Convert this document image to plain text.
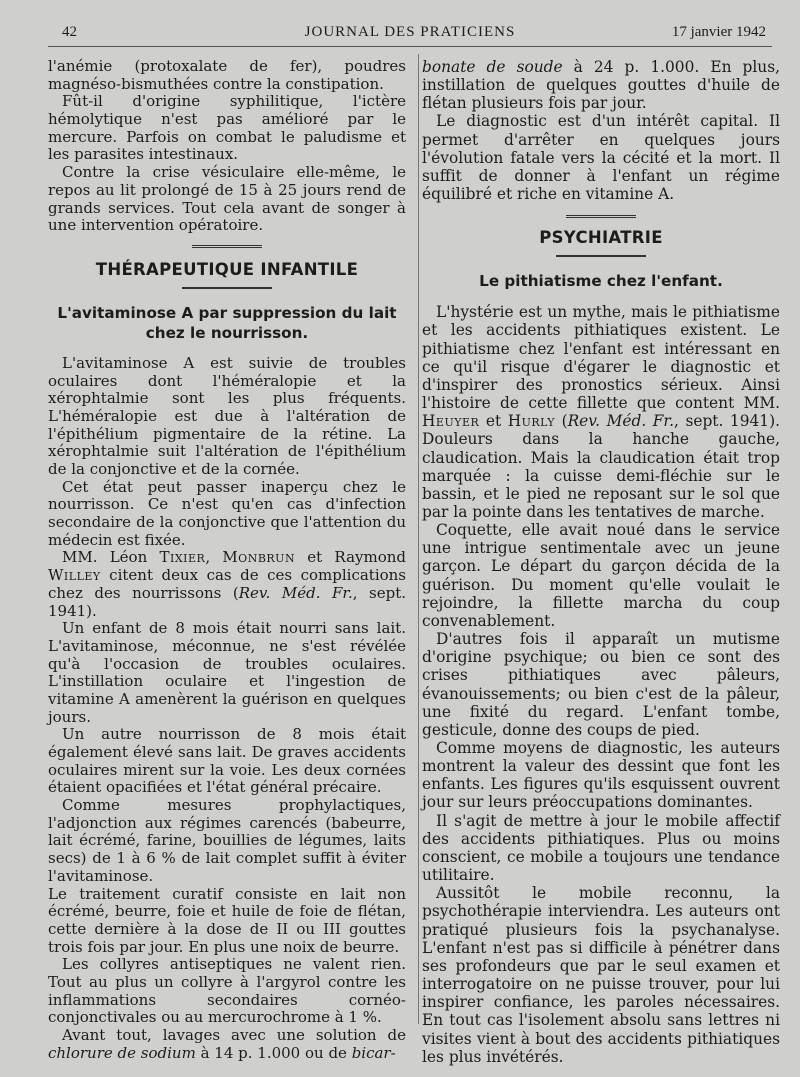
42	JOURNAL DES PRATICIENS	17 janvier 1942

l'anémie (protoxalate de fer), poudres magnéso-bismuthées contre la constipation.

Fût-il d'origine syphilitique, l'ictère hémolytique n'est pas amélioré par le mercure. Parfois on combat le paludisme et les parasites intestinaux.

Contre la crise vésiculaire elle-même, le repos au lit prolongé de 15 à 25 jours rend de grands services. Tout cela avant de songer à une intervention opératoire.

THÉRAPEUTIQUE INFANTILE

L'avitaminose A par suppression du lait chez le nourrisson.

L'avitaminose A est suivie de troubles oculaires dont l'héméralopie et la xérophtalmie sont les plus fréquents. L'héméralopie est due à l'altération de l'épithélium pigmentaire de la rétine. La xérophtalmie suit l'altération de l'épithélium de la conjonctive et de la cornée.

Cet état peut passer inaperçu chez le nourrisson. Ce n'est qu'en cas d'infection secondaire de la conjonctive que l'attention du médecin est fixée.

MM. Léon Tixier, Monbrun et Raymond Willey citent deux cas de ces complications chez des nourrissons (Rev. Méd. Fr., sept. 1941).

Un enfant de 8 mois était nourri sans lait. L'avitaminose, méconnue, ne s'est révélée qu'à l'occasion de troubles oculaires. L'instillation oculaire et l'ingestion de vitamine A amenèrent la guérison en quelques jours.

Un autre nourrisson de 8 mois était également élevé sans lait. De graves accidents oculaires mirent sur la voie. Les deux cornées étaient opacifiées et l'état général précaire.

Comme mesures prophylactiques, l'adjonction aux régimes carencés (babeurre, lait écrémé, farine, bouillies de légumes, laits secs) de 1 à 6 % de lait complet suffit à éviter l'avitaminose.

Le traitement curatif consiste en lait non écrémé, beurre, foie et huile de foie de flétan, cette dernière à la dose de II ou III gouttes trois fois par jour. En plus une noix de beurre.

Les collyres antiseptiques ne valent rien. Tout au plus un collyre à l'argyrol contre les inflammations secondaires cornéo-conjonctivales ou au mercurochrome à 1 %.

Avant tout, lavages avec une solution de chlorure de sodium à 14 p. 1.000 ou de bicar-

bonate de soude à 24 p. 1.000. En plus, instillation de quelques gouttes d'huile de flétan plusieurs fois par jour.

Le diagnostic est d'un intérêt capital. Il permet d'arrêter en quelques jours l'évolution fatale vers la cécité et la mort. Il suffit de donner à l'enfant un régime équilibré et riche en vitamine A.

PSYCHIATRIE

Le pithiatisme chez l'enfant.

L'hystérie est un mythe, mais le pithiatisme et les accidents pithiatiques existent. Le pithiatisme chez l'enfant est intéressant en ce qu'il risque d'égarer le diagnostic et d'inspirer des pronostics sérieux. Ainsi l'histoire de cette fillette que content MM. Heuyer et Hurly (Rev. Méd. Fr., sept. 1941). Douleurs dans la hanche gauche, claudication. Mais la claudication était trop marquée : la cuisse demi-fléchie sur le bassin, et le pied ne reposant sur le sol que par la pointe dans les tentatives de marche.

Coquette, elle avait noué dans le service une intrigue sentimentale avec un jeune garçon. Le départ du garçon décida de la guérison. Du moment qu'elle voulait le rejoindre, la fillette marcha du coup convenablement.

D'autres fois il apparaît un mutisme d'origine psychique; ou bien ce sont des crises pithiatiques avec pâleurs, évanouissements; ou bien c'est de la pâleur, une fixité du regard. L'enfant tombe, gesticule, donne des coups de pied.

Comme moyens de diagnostic, les auteurs montrent la valeur des dessint que font les enfants. Les figures qu'ils esquissent ouvrent jour sur leurs préoccupations dominantes.

Il s'agit de mettre à jour le mobile affectif des accidents pithiatiques. Plus ou moins conscient, ce mobile a toujours une tendance utilitaire.

Aussitôt le mobile reconnu, la psychothérapie interviendra. Les auteurs ont pratiqué plusieurs fois la psychanalyse. L'enfant n'est pas si difficile à pénétrer dans ses profondeurs que par le seul examen et interrogatoire on ne puisse trouver, pour lui inspirer confiance, les paroles nécessaires. En tout cas l'isolement absolu sans lettres ni visites vient à bout des accidents pithiatiques les plus invétérés.
